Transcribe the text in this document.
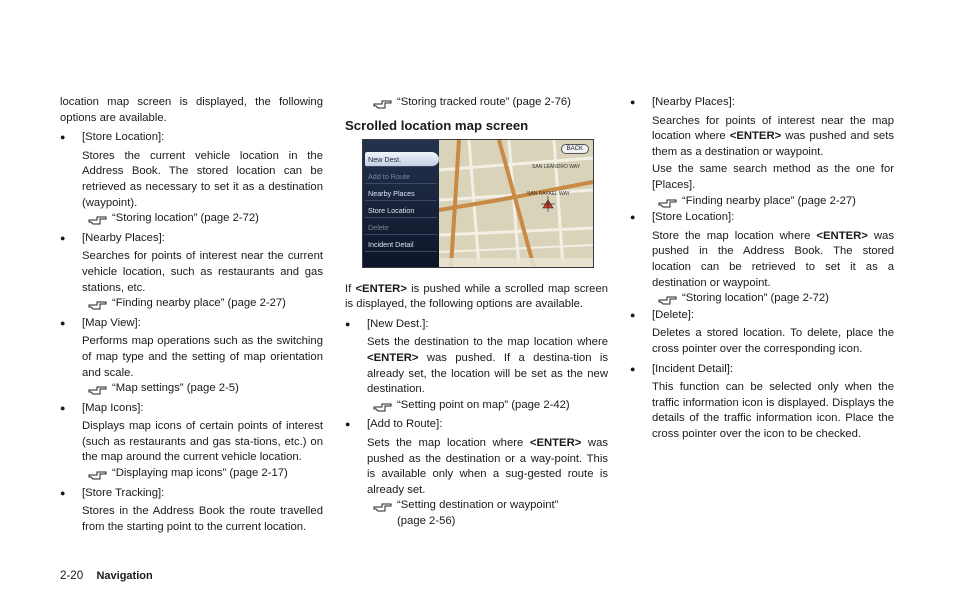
location map screen is displayed, the following options are available.

● [Store Location]:

Stores the current vehicle location in the Address Book. The stored location can be retrieved as necessary to set it as a destination (waypoint).

“Storing location” (page 2-72)
● [Nearby Places]:

Searches for points of interest near the current vehicle location, such as restaurants and gas stations, etc.

“Finding nearby place” (page 2-27)
● [Map View]:

Performs map operations such as the switching of map type and the setting of map orientation and scale.

“Map settings” (page 2-5)
● [Map Icons]:

Displays map icons of certain points of interest (such as restaurants and gas sta-tions, etc.) on the map around the current vehicle location.

“Displaying map icons” (page 2-17)
● [Store Tracking]:

Stores in the Address Book the route travelled from the starting point to the current location.

“Storing tracked route” (page 2-76)
Scrolled location map screen
New Dest.
Add to Route
Nearby Places
Store Location
Delete
Incident Detail
SAN LEANDRO WAY
SAN RAFAEL WAY
BACK

If <ENTER> is pushed while a scrolled map screen is displayed, the following options are available.

● [New Dest.]:

Sets the destination to the map location where <ENTER> was pushed. If a destina-tion is already set, the location will be set as the new destination.

“Setting point on map” (page 2-42)
● [Add to Route]:

Sets the map location where <ENTER> was pushed as the destination or a way-point. This is available only when a sug-gested route is already set.

“Setting destination or waypoint”
(page 2-56)
● [Nearby Places]:

Searches for points of interest near the map location where <ENTER> was pushed and sets them as a destination or waypoint.

Use the same search method as the one for [Places].

“Finding nearby place” (page 2-27)
● [Store Location]:

Store the map location where <ENTER> was pushed in the Address Book. The stored location can be retrieved to set it as a destination or waypoint.

“Storing location” (page 2-72)
● [Delete]:

Deletes a stored location. To delete, place the cross pointer over the corresponding icon.

● [Incident Detail]:

This function can be selected only when the traffic information icon is displayed. Displays the details of the traffic information icon. Place the cross pointer over the icon to be checked.

2-20 Navigation
